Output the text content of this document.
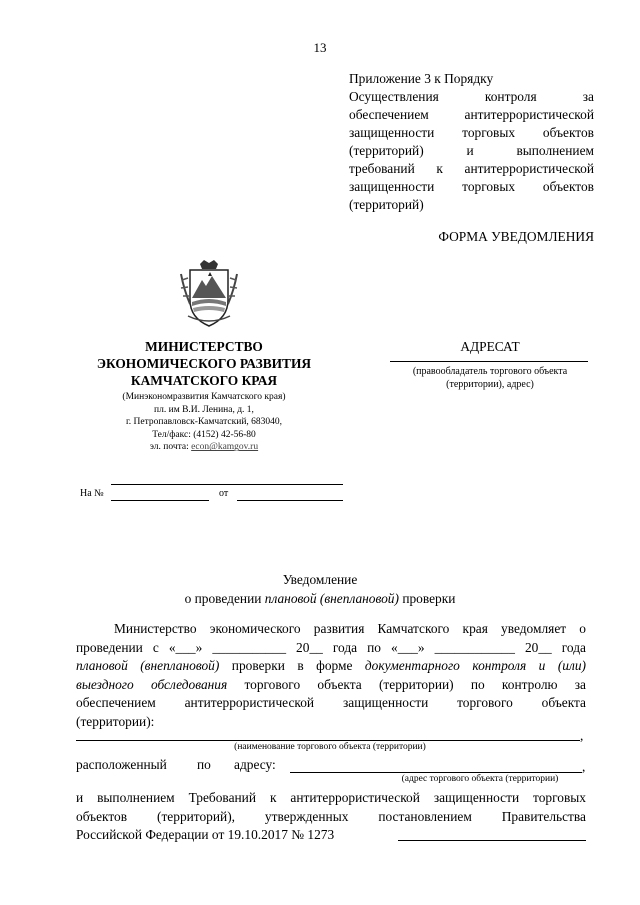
13
Приложение 3 к Порядку
Осуществления контроля за
обеспечением антитеррористической
защищенности торговых объектов
(территорий) и выполнением
требований к антитеррористической
защищенности торговых объектов
(территорий)
ФОРМА УВЕДОМЛЕНИЯ
МИНИСТЕРСТВО
ЭКОНОМИЧЕСКОГО РАЗВИТИЯ
КАМЧАТСКОГО КРАЯ
(Минэкономразвития Камчатского края)
пл. им В.И. Ленина, д. 1,
г. Петропавловск-Камчатский, 683040,
Тел/факс: (4152) 42-56-80
эл. почта: econ@kamgov.ru
АДРЕСАТ
(правообладатель торгового объекта
(территории), адрес)
На №	от
Уведомление
о проведении плановой (внеплановой) проверки
Министерство экономического развития Камчатского края уведомляет о
проведении с «___» ___________ 20__ года по «___» ____________ 20__ года
плановой (внеплановой) проверки в форме документарного контроля и (или)
выездного обследования торгового объекта (территории) по контролю за
обеспечением антитеррористической защищенности торгового объекта
(территории):
,
(наименование торгового объекта (территории)
расположенный по адресу:	,
(адрес торгового объекта (территории)
и выполнением Требований к антитеррористической защищенности торговых
объектов (территорий), утвержденных постановлением Правительства
Российской Федерации от 19.10.2017 № 1273
